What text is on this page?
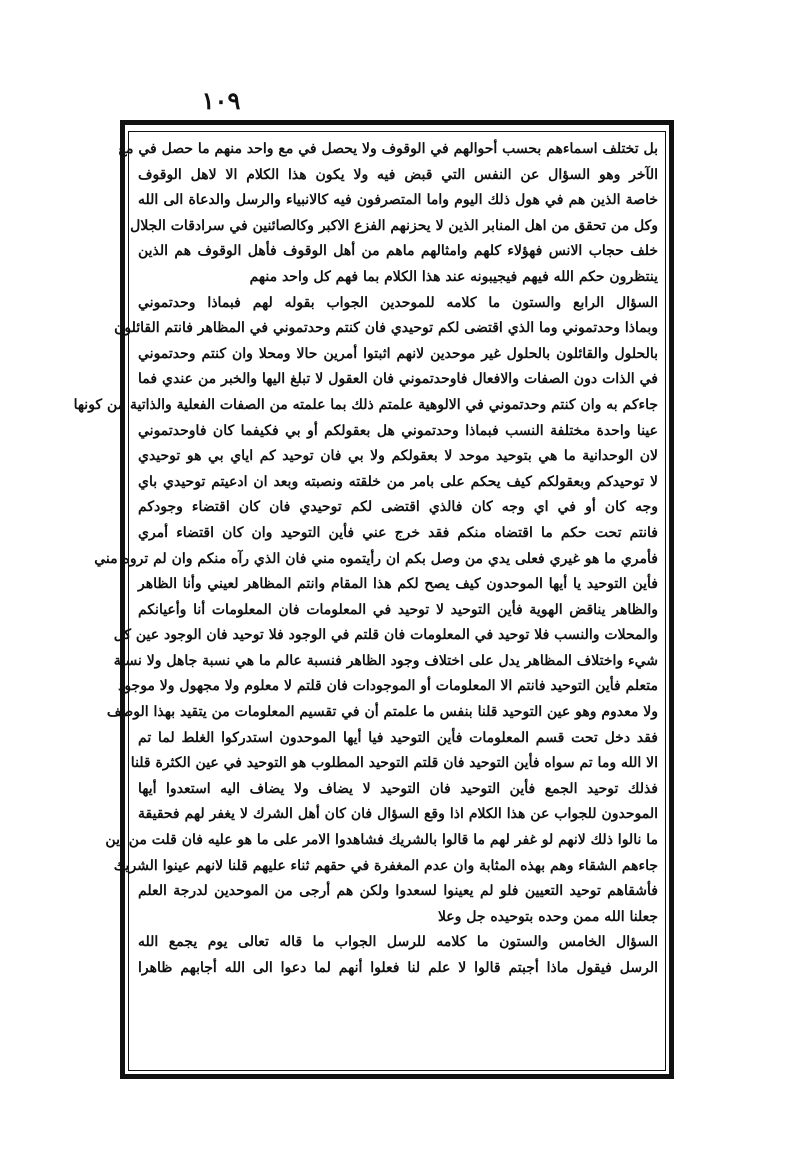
١٠٩
بل تختلف اسماءهم بحسب أحوالهم في الوقوف ولا يحصل في مع واحد منهم ما حصل في مع
الآخر وهو السؤال عن النفس التي قبض فيه ولا يكون هذا الكلام الا لاهل الوقوف
خاصة الذين هم في هول ذلك اليوم واما المتصرفون فيه كالانبياء والرسل والدعاة الى الله
وكل من تحقق من اهل المنابر الذين لا يحزنهم الفزع الاكبر وكالصائنين في سرادقات الجلال
خلف حجاب الانس فهؤلاء كلهم وامثالهم ماهم من أهل الوقوف فأهل الوقوف هم الذين
ينتظرون حكم الله فيهم فيجيبونه عند هذا الكلام بما فهم كل واحد منهم
السؤال الرابع والستون ما كلامه للموحدين الجواب بقوله لهم فبماذا وحدتموني
وبماذا وحدتموني وما الذي اقتضى لكم توحيدي فان كنتم وحدتموني في المظاهر فانتم القائلون
بالحلول والقائلون بالحلول غير موحدين لانهم اثبتوا أمرين حالا ومحلا وان كنتم وحدتموني
في الذات دون الصفات والافعال فاوحدتموني فان العقول لا تبلغ اليها والخبر من عندي فما
جاءكم به وان كنتم وحدتموني في الالوهية علمتم ذلك بما علمته من الصفات الفعلية والذاتية من كونها
عينا واحدة مختلفة النسب فبماذا وحدتموني هل بعقولكم أو بي فكيفما كان فاوحدتموني
لان الوحدانية ما هي بتوحيد موحد لا بعقولكم ولا بي فان توحيد كم اياي بي هو توحيدي
لا توحيدكم وبعقولكم كيف يحكم على بامر من خلقته ونصبته وبعد ان ادعيتم توحيدي باي
وجه كان أو في اي وجه كان فالذي اقتضى لكم توحيدي فان كان اقتضاء وجودكم
فانتم تحت حكم ما اقتضاه منكم فقد خرج عني فأين التوحيد وان كان اقتضاء أمري
فأمري ما هو غيري فعلى يدي من وصل بكم ان رأيتموه مني فان الذي رآه منكم وان لم تروه مني
فأين التوحيد يا أيها الموحدون كيف يصح لكم هذا المقام وانتم المظاهر لعيني وأنا الظاهر
والظاهر يناقض الهوية فأين التوحيد لا توحيد في المعلومات فان المعلومات أنا وأعيانكم
والمحلات والنسب فلا توحيد في المعلومات فان قلتم في الوجود فلا توحيد فان الوجود عين كل
شيء واختلاف المظاهر يدل على اختلاف وجود الظاهر فنسبة عالم ما هي نسبة جاهل ولا نسبة
متعلم فأين التوحيد فانتم الا المعلومات أو الموجودات فان قلتم لا معلوم ولا مجهول ولا موجود
ولا معدوم وهو عين التوحيد قلنا بنفس ما علمتم أن في تقسيم المعلومات من يتقيد بهذا الوصف
فقد دخل تحت قسم المعلومات فأين التوحيد فيا أيها الموحدون استدركوا الغلط لما تم
الا الله وما تم سواه فأين التوحيد فان قلتم التوحيد المطلوب هو التوحيد في عين الكثرة قلنا
فذلك توحيد الجمع فأين التوحيد فان التوحيد لا يضاف ولا يضاف اليه استعدوا أيها
الموحدون للجواب عن هذا الكلام اذا وقع السؤال فان كان أهل الشرك لا يغفر لهم فحقيقة
ما نالوا ذلك لانهم لو غفر لهم ما قالوا بالشريك فشاهدوا الامر على ما هو عليه فان قلت من أين
جاءهم الشقاء وهم بهذه المثابة وان عدم المغفرة في حقهم ثناء عليهم قلنا لانهم عينوا الشريك
فأشقاهم توحيد التعيين فلو لم يعينوا لسعدوا ولكن هم أرجى من الموحدين لدرجة العلم
جعلنا الله ممن وحده بتوحيده جل وعلا
السؤال الخامس والستون ما كلامه للرسل الجواب ما قاله تعالى يوم يجمع الله
الرسل فيقول ماذا أجبتم قالوا لا علم لنا فعلوا أنهم لما دعوا الى الله أجابهم ظاهرا
